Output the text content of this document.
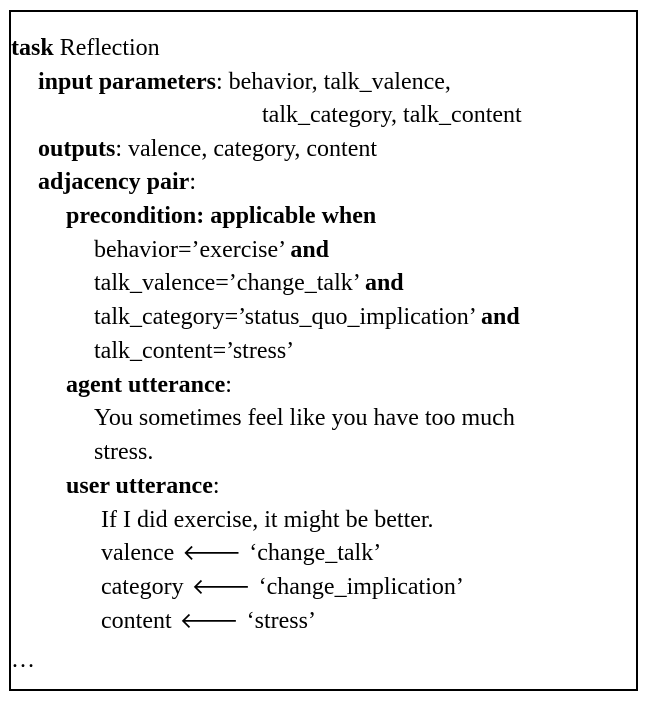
task Reflection
input parameters: behavior, talk_valence,
talk_category, talk_content
outputs: valence, category, content
adjacency pair:
precondition: applicable when
behavior=’exercise’ and
talk_valence=’change_talk’ and
talk_category=’status_quo_implication’ and
talk_content=’stress’
agent utterance:
You sometimes feel like you have too much
stress.
user utterance:
If I did exercise, it might be better.
valence 🡐 ‘change_talk’
category 🡐 ‘change_implication’
content 🡐 ‘stress’
…
